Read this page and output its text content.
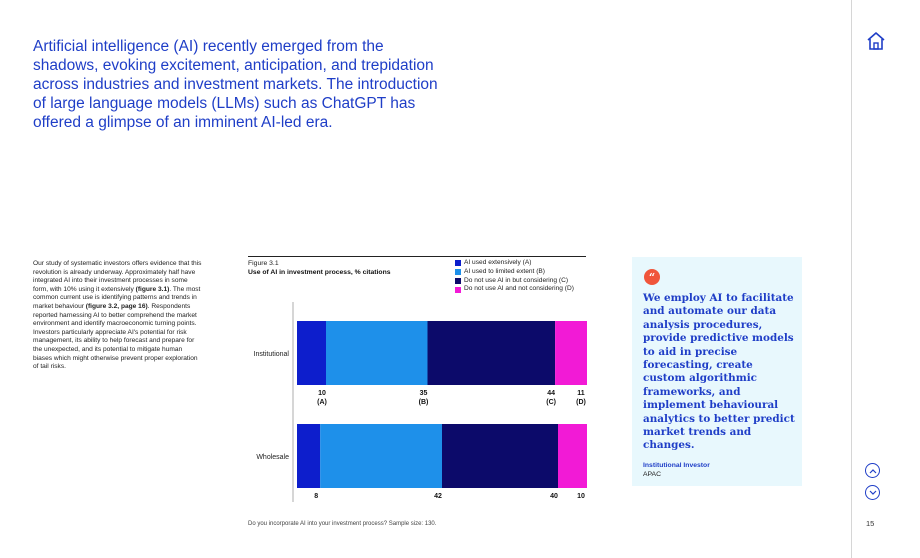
Artificial intelligence (AI) recently emerged from the shadows, evoking excitement, anticipation, and trepidation across industries and investment markets. The introduction of large language models (LLMs) such as ChatGPT has offered a glimpse of an imminent AI-led era.
Our study of systematic investors offers evidence that this revolution is already underway. Approximately half have integrated AI into their investment processes in some form, with 10% using it extensively (figure 3.1). The most common current use is identifying patterns and trends in market behaviour (figure 3.2, page 16). Respondents reported harnessing AI to better comprehend the market environment and identify macroeconomic turning points. Investors particularly appreciate AI's potential for risk management, its ability to help forecast and prepare for the unexpected, and its potential to mitigate human biases which might otherwise prevent proper exploration of tail risks.
Figure 3.1
Use of AI in investment process, % citations
AI used extensively (A)
AI used to limited extent (B)
Do not use AI in but considering (C)
Do not use AI and not considering (D)
Institutional
10
(A)
35
(B)
44
(C)
11
(D)
Wholesale
8	42	40	10
Do you incorporate AI into your investment process? Sample size: 130.
“
We employ AI to facilitate and automate our data analysis procedures, provide predictive models to aid in precise forecasting, create custom algorithmic frameworks, and implement behavioural analytics to better predict market trends and changes.
Institutional Investor
APAC
15
